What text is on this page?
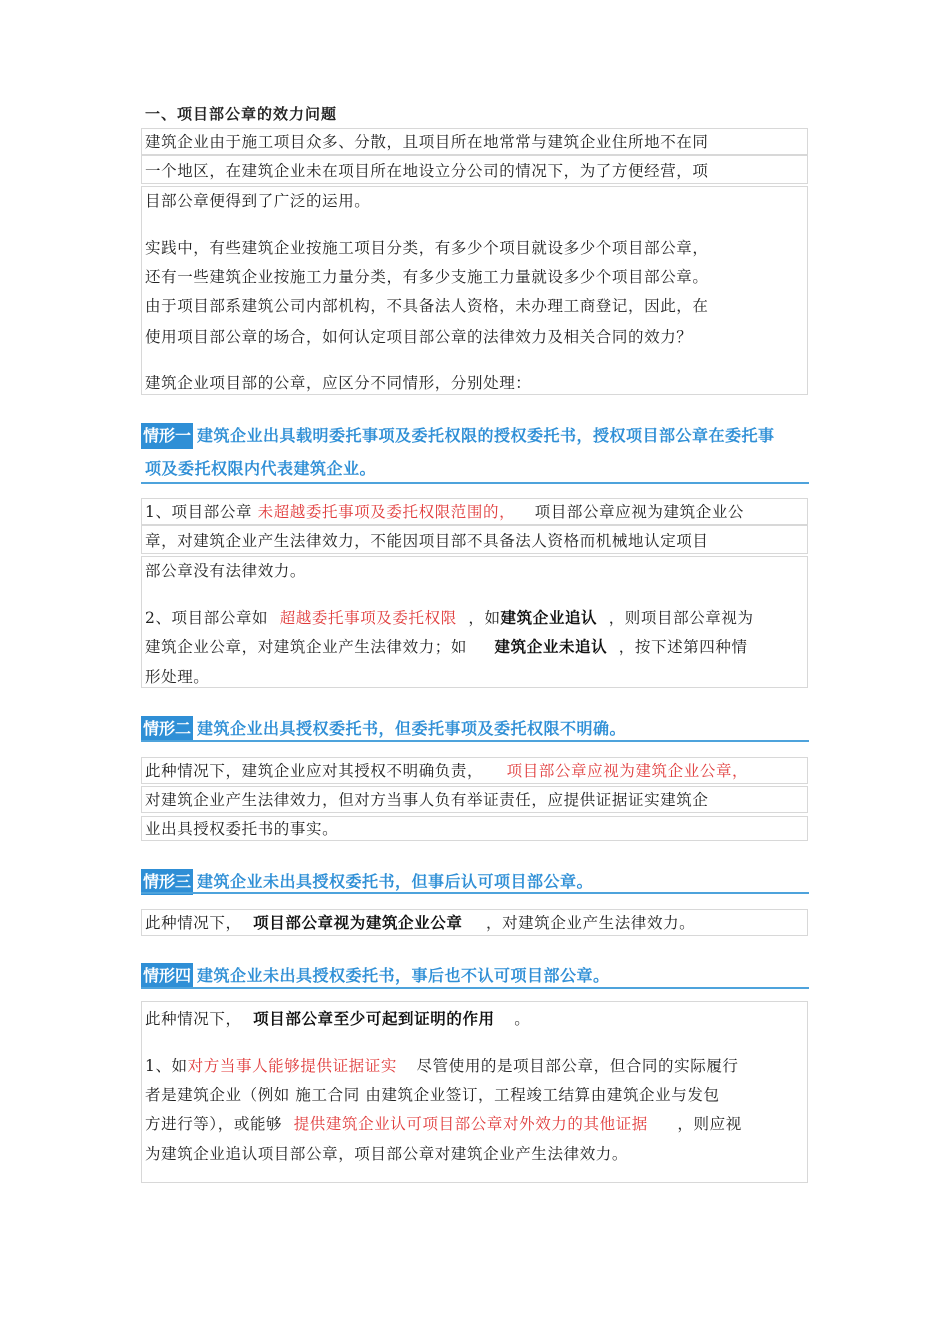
一、项目部公章的效力问题
建筑企业由于施工项目众多、分散，且项目所在地常常与建筑企业住所地不在同
一个地区，在建筑企业未在项目所在地设立分公司的情况下，为了方便经营，项
目部公章便得到了广泛的运用。
实践中，有些建筑企业按施工项目分类，有多少个项目就设多少个项目部公章，
还有一些建筑企业按施工力量分类，有多少支施工力量就设多少个项目部公章。
由于项目部系建筑公司内部机构，不具备法人资格，未办理工商登记，因此，在
使用项目部公章的场合，如何认定项目部公章的法律效力及相关合同的效力？
建筑企业项目部的公章，应区分不同情形，分别处理：
情形一 建筑企业出具载明委托事项及委托权限的授权委托书，授权项目部公章在委托事
项及委托权限内代表建筑企业。
1、项目部公章 未超越委托事项及委托权限范围的， 项目部公章应视为建筑企业公
章，对建筑企业产生法律效力，不能因项目部不具备法人资格而机械地认定项目
部公章没有法律效力。
2、项目部公章如 超越委托事项及委托权限 ，如建筑企业追认 ，则项目部公章视为
建筑企业公章，对建筑企业产生法律效力；如 建筑企业未追认 ，按下述第四种情
形处理。
情形二 建筑企业出具授权委托书，但委托事项及委托权限不明确。
此种情况下，建筑企业应对其授权不明确负责， 项目部公章应视为建筑企业公章，
对建筑企业产生法律效力，但对方当事人负有举证责任，应提供证据证实建筑企
业出具授权委托书的事实。
情形三 建筑企业未出具授权委托书，但事后认可项目部公章。
此种情况下， 项目部公章视为建筑企业公章 ，对建筑企业产生法律效力。
情形四 建筑企业未出具授权委托书，事后也不认可项目部公章。
此种情况下， 项目部公章至少可起到证明的作用 。
1、如对方当事人能够提供证据证实 尽管使用的是项目部公章，但合同的实际履行
者是建筑企业（例如 施工合同 由建筑企业签订，工程竣工结算由建筑企业与发包
方进行等），或能够 提供建筑企业认可项目部公章对外效力的其他证据 ，则应视
为建筑企业追认项目部公章，项目部公章对建筑企业产生法律效力。
